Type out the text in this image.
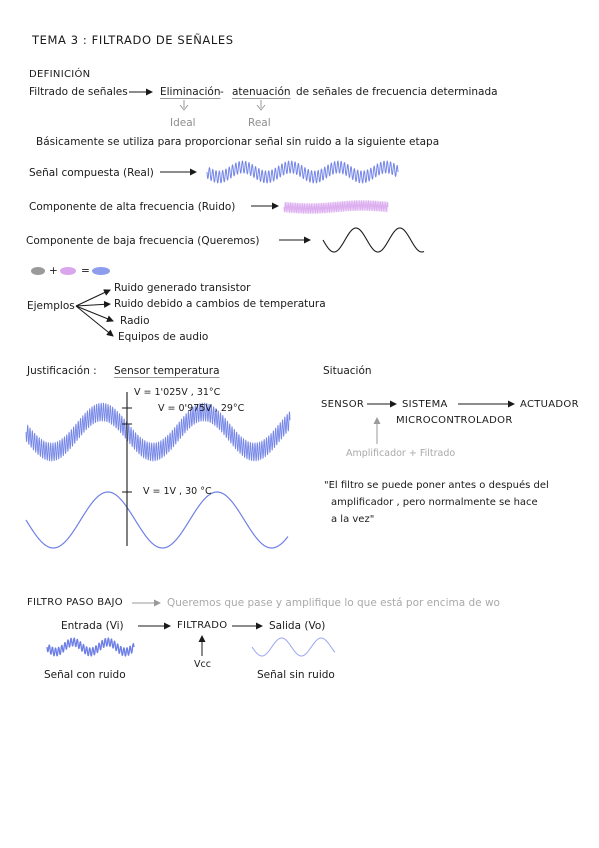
TEMA 3 : FILTRADO DE SEÑALES
DEFINICIÓN
Filtrado de señales	Eliminación - atenuación de señales de frecuencia determinada
Ideal	Real
Básicamente se utiliza para proporcionar señal sin ruido a la siguiente etapa
Señal compuesta (Real)
Componente de alta frecuencia (Ruido)
Componente de baja frecuencia (Queremos)
+ =
Ejemplos
Ruido generado transistor
Ruido debido a cambios de temperatura
Radio
Equipos de audio
Justificación : Sensor temperatura
V = 1'025V , 31°C
V = 0'975V , 29°C
V = 1V , 30 °C
Situación
SENSOR	SISTEMA	ACTUADOR
MICROCONTROLADOR
Amplificador + Filtrado
"El filtro se puede poner antes o después del
amplificador , pero normalmente se hace
a la vez"
FILTRO PASO BAJO	Queremos que pase y amplifique lo que está por encima de wo
Entrada (Vi)	FILTRADO	Salida (Vo)
Vcc
Señal con ruido	Señal sin ruido
